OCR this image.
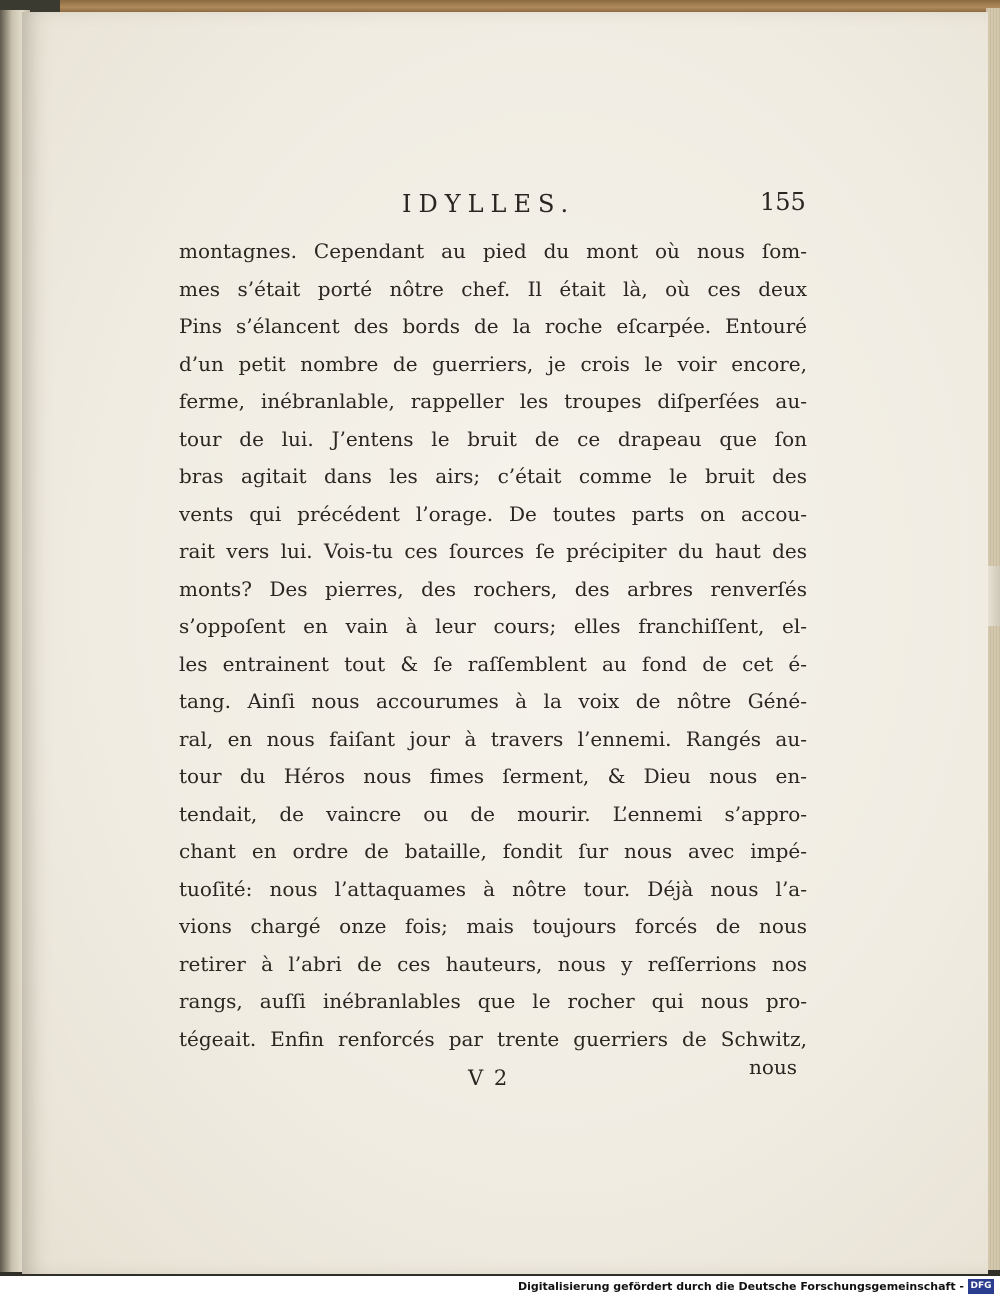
IDYLLES.	155
montagnes. Cependant au pied du mont où nous ſom-
mes s’était porté nôtre chef. Il était là, où ces deux
Pins s’élancent des bords de la roche eſcarpée. Entouré
d’un petit nombre de guerriers, je crois le voir encore,
ferme, inébranlable, rappeller les troupes diſperſées au-
tour de lui. J’entens le bruit de ce drapeau que ſon
bras agitait dans les airs; c’était comme le bruit des
vents qui précédent l’orage. De toutes parts on accou-
rait vers lui. Vois-tu ces ſources ſe précipiter du haut des
monts? Des pierres, des rochers, des arbres renverſés
s’oppoſent en vain à leur cours; elles franchiſſent, el-
les entrainent tout & ſe raſſemblent au fond de cet é-
tang. Ainſi nous accourumes à la voix de nôtre Géné-
ral, en nous faiſant jour à travers l’ennemi. Rangés au-
tour du Héros nous fimes ſerment, & Dieu nous en-
tendait, de vaincre ou de mourir. L’ennemi s’appro-
chant en ordre de bataille, fondit ſur nous avec impé-
tuoſité: nous l’attaquames à nôtre tour. Déjà nous l’a-
vions chargé onze fois; mais toujours forcés de nous
retirer à l’abri de ces hauteurs, nous y reſſerrions nos
rangs, auſſi inébranlables que le rocher qui nous pro-
tégeait. Enfin renforcés par trente guerriers de Schwitz,
V 2	nous
Digitalisierung gefördert durch die Deutsche Forschungsgemeinschaft - DFG
